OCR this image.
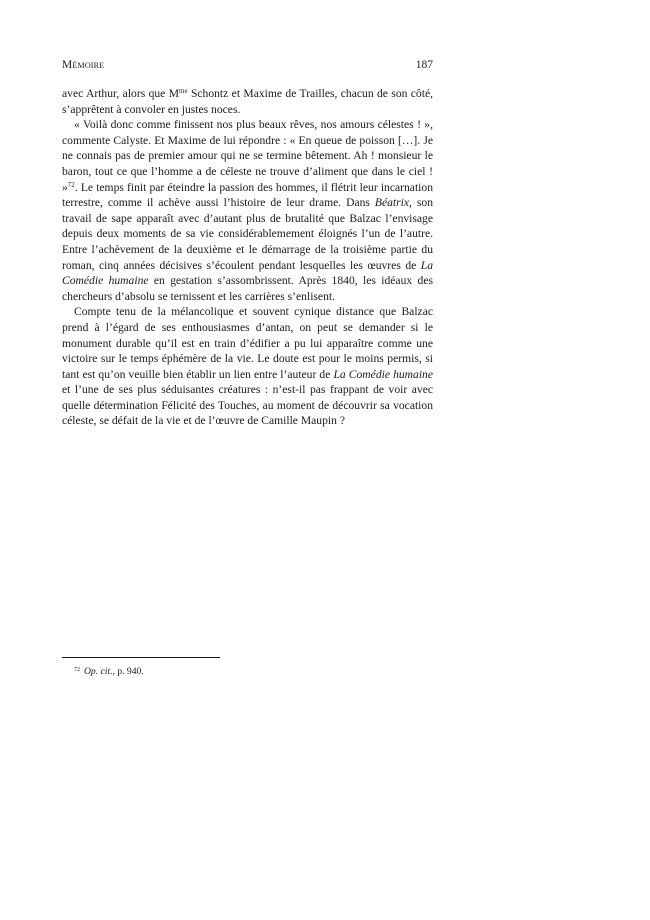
Mémoire	187

avec Arthur, alors que $M^{me}$ Schontz et Maxime de Trailles, chacun de son côté, s’apprêtent à convoler en justes noces.

« Voilà donc comme finissent nos plus beaux rêves, nos amours célestes ! », commente Calyste. Et Maxime de lui répondre : « En queue de poisson […]. Je ne connais pas de premier amour qui ne se termine bêtement. Ah ! monsieur le baron, tout ce que l’homme a de céleste ne trouve d’aliment que dans le ciel ! »$^{72}$. Le temps finit par éteindre la passion des hommes, il flétrit leur incarnation terrestre, comme il achève aussi l’histoire de leur drame. Dans Béatrix, son travail de sape apparaît avec d’autant plus de brutalité que Balzac l’envisage depuis deux moments de sa vie considérablemement éloignés l’un de l’autre. Entre l’achèvement de la deuxième et le démarrage de la troisième partie du roman, cinq années décisives s’écoulent pendant lesquelles les œuvres de La Comédie humaine en gestation s’assombrissent. Après 1840, les idéaux des chercheurs d’absolu se ternissent et les carrières s’enlisent.

Compte tenu de la mélancolique et souvent cynique distance que Balzac prend à l’égard de ses enthousiasmes d’antan, on peut se demander si le monument durable qu’il est en train d’édifier a pu lui apparaître comme une victoire sur le temps éphémère de la vie. Le doute est pour le moins permis, si tant est qu’on veuille bien établir un lien entre l’auteur de La Comédie humaine et l’une de ses plus séduisantes créatures : n’est-il pas frappant de voir avec quelle détermination Félicité des Touches, au moment de découvrir sa vocation céleste, se défait de la vie et de l’œuvre de Camille Maupin ?

$^{72}$ Op. cit., p. 940.
